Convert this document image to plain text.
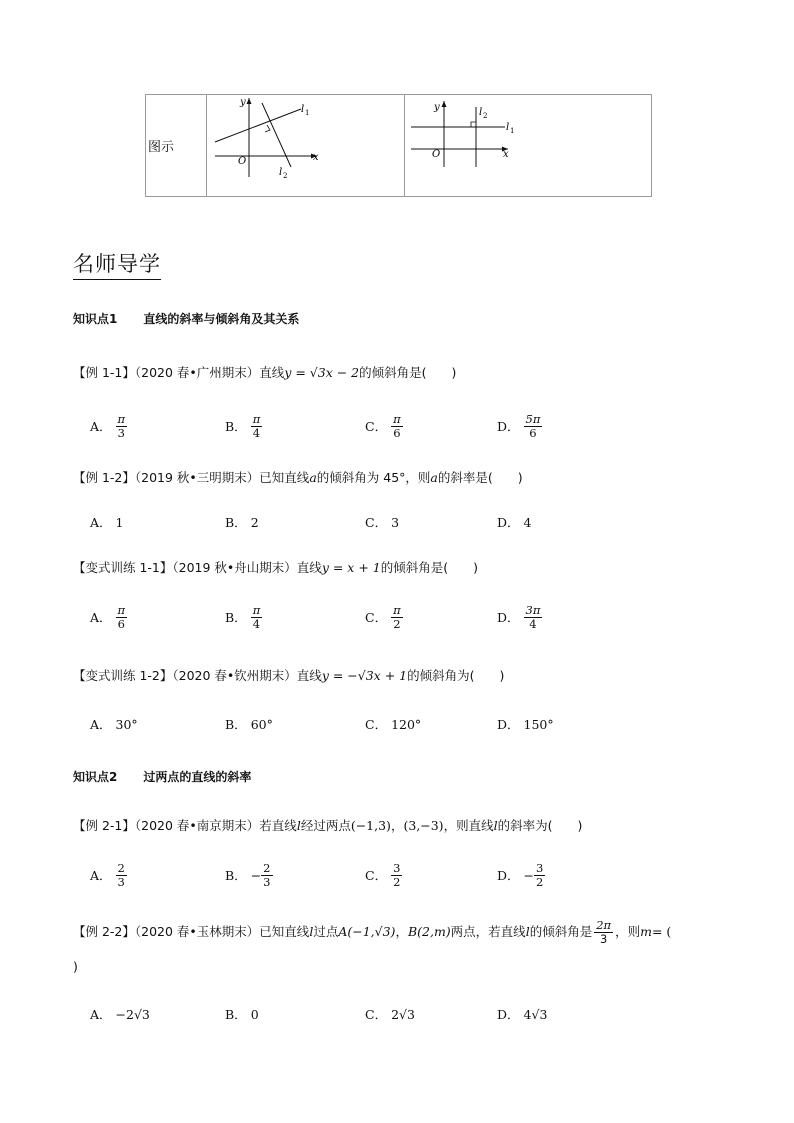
图示	
y
x
O
l 1
l 2

y
x
O
l 1
l 2
名师导学
知识点1 直线的斜率与倾斜角及其关系
【例 1-1】（2020 春•广州期末）直线y = √3x − 2的倾斜角是(　　)
A． $\frac{\pi}{3}$	B． $\frac{\pi}{4}$	C． $\frac{\pi}{6}$	D． $\frac{5\pi}{6}$
【例 1-2】（2019 秋•三明期末）已知直线a的倾斜角为 45°，则a的斜率是(　　)
A． 1	B． 2	C． 3	D． 4
【变式训练 1-1】（2019 秋•舟山期末）直线y = x + 1的倾斜角是(　　)
A． $\frac{\pi}{6}$	B． $\frac{\pi}{4}$	C． $\frac{\pi}{2}$	D． $\frac{3\pi}{4}$
【变式训练 1-2】（2020 春•钦州期末）直线y = −√3x + 1的倾斜角为(　　)
A． 30°	B． 60°	C． 120°	D． 150°
知识点2 过两点的直线的斜率
【例 2-1】（2020 春•南京期末）若直线l经过两点(−1,3)，(3,−3)，则直线l的斜率为(　　)
A． $\frac{2}{3}$	B． − $\frac{2}{3}$	C． $\frac{3}{2}$	D． − $\frac{3}{2}$
【例 2-2】（2020 春•玉林期末）已知直线l过点A(−1,√3)，B(2,m)两点，若直线l的倾斜角是 $\frac{2\pi}{3}$ ，则m= (
)
A． −2√3	B． 0	C． 2√3	D． 4√3
